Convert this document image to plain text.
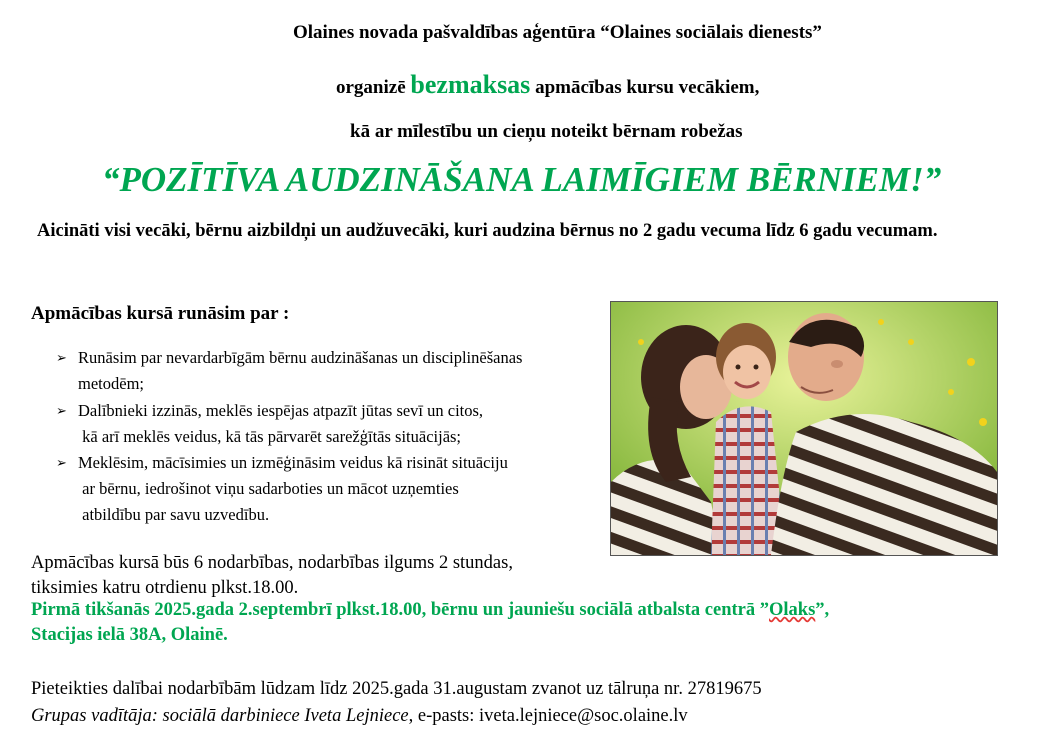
Olaines novada pašvaldības aģentūra “Olaines sociālais dienests”
organizē bezmaksas apmācības kursu vecākiem,
kā ar mīlestību un cieņu noteikt bērnam robežas
“POZĪTĪVA AUDZINĀŠANA LAIMĪGIEM BĒRNIEM!”
Aicināti visi vecāki, bērnu aizbildņi un audžuvecāki, kuri audzina bērnus no 2 gadu vecuma līdz 6 gadu vecumam.
Apmācības kursā runāsim par :
➢ Runāsim par nevardarbīgām bērnu audzināšanas un disciplinēšanas
metodēm;
➢ Dalībnieki izzinās, meklēs iespējas atpazīt jūtas sevī un citos,
kā arī meklēs veidus, kā tās pārvarēt sarežģītās situācijās;
➢ Meklēsim, mācīsimies un izmēģināsim veidus kā risināt situāciju
ar bērnu, iedrošinot viņu sadarboties un mācot uzņemties
atbildību par savu uzvedību.
Apmācības kursā būs 6 nodarbības, nodarbības ilgums 2 stundas,
tiksimies katru otrdienu plkst.18.00.
Pirmā tikšanās 2025.gada 2.septembrī plkst.18.00, bērnu un jauniešu sociālā atbalsta centrā ”Olaks”,
Stacijas ielā 38A, Olainē.
Pieteikties dalībai nodarbībām lūdzam līdz 2025.gada 31.augustam zvanot uz tālruņa nr. 27819675
Grupas vadītāja: sociālā darbiniece Iveta Lejniece, e-pasts: iveta.lejniece@soc.olaine.lv
